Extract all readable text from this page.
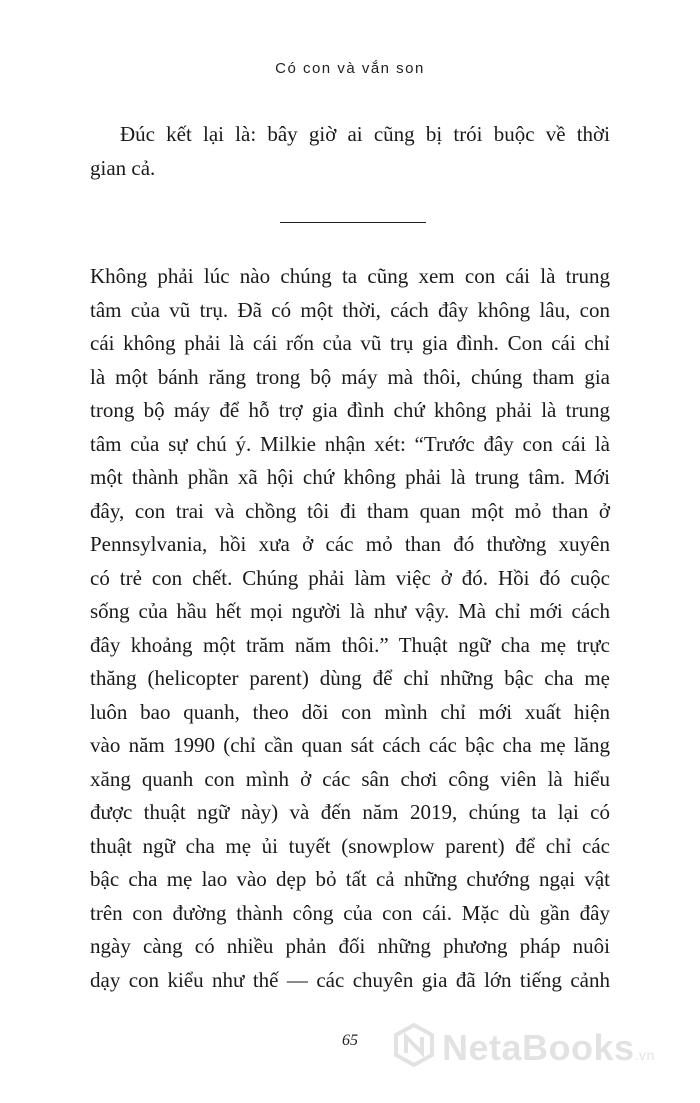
Có con và vắn son
Đúc kết lại là: bây giờ ai cũng bị trói buộc về thời
gian cả.
Không phải lúc nào chúng ta cũng xem con cái là trung
tâm của vũ trụ. Đã có một thời, cách đây không lâu, con
cái không phải là cái rốn của vũ trụ gia đình. Con cái chỉ
là một bánh răng trong bộ máy mà thôi, chúng tham gia
trong bộ máy để hỗ trợ gia đình chứ không phải là trung
tâm của sự chú ý. Milkie nhận xét: “Trước đây con cái là
một thành phần xã hội chứ không phải là trung tâm. Mới
đây, con trai và chồng tôi đi tham quan một mỏ than ở
Pennsylvania, hồi xưa ở các mỏ than đó thường xuyên
có trẻ con chết. Chúng phải làm việc ở đó. Hồi đó cuộc
sống của hầu hết mọi người là như vậy. Mà chỉ mới cách
đây khoảng một trăm năm thôi.” Thuật ngữ cha mẹ trực
thăng (helicopter parent) dùng để chỉ những bậc cha mẹ
luôn bao quanh, theo dõi con mình chỉ mới xuất hiện
vào năm 1990 (chỉ cần quan sát cách các bậc cha mẹ lăng
xăng quanh con mình ở các sân chơi công viên là hiểu
được thuật ngữ này) và đến năm 2019, chúng ta lại có
thuật ngữ cha mẹ ủi tuyết (snowplow parent) để chỉ các
bậc cha mẹ lao vào dẹp bỏ tất cả những chướng ngại vật
trên con đường thành công của con cái. Mặc dù gần đây
ngày càng có nhiều phản đối những phương pháp nuôi
dạy con kiểu như thế — các chuyên gia đã lớn tiếng cảnh
65	NetaBooks.vn
